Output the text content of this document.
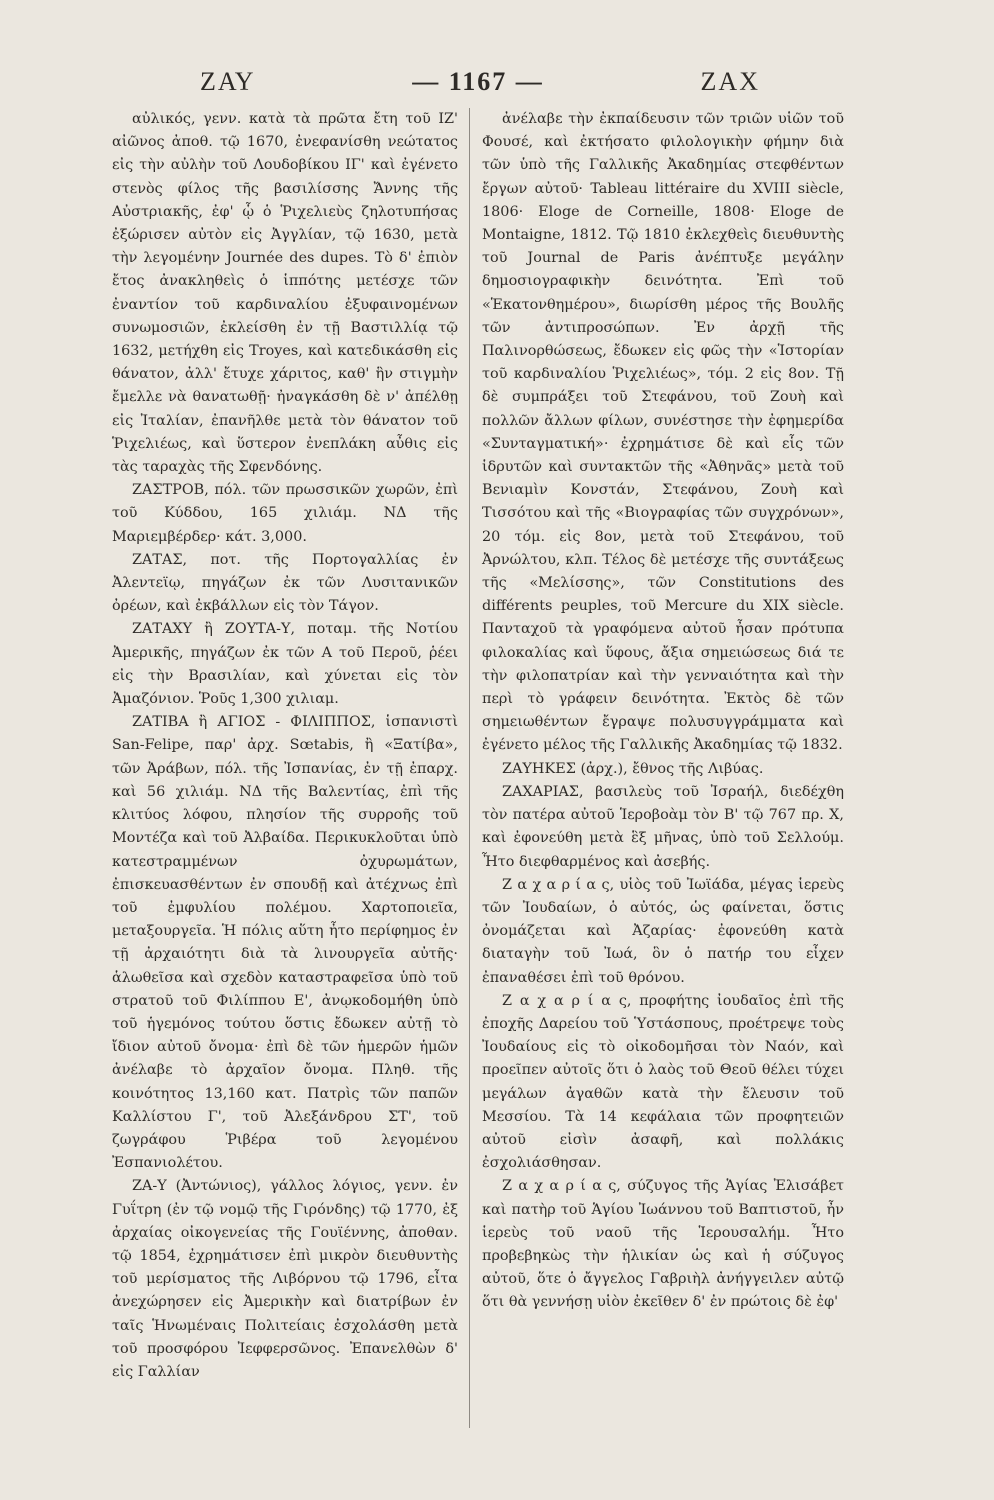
ΖΑΥ	— 1167 —	ΖΑΧ

αὐλικός, γενν. κατὰ τὰ πρῶτα ἔτη τοῦ ΙΖ' αἰῶνος ἀποθ. τῷ 1670, ἐνεφανίσθη νεώτατος εἰς τὴν αὐλὴν τοῦ Λουδοβίκου ΙΓ' καὶ ἐγένετο στενὸς φίλος τῆς βασιλίσσης Ἄννης τῆς Αὐστριακῆς, ἐφ' ᾧ ὁ Ῥιχελιεὺς ζηλοτυπήσας ἐξώρισεν αὐτὸν εἰς Ἀγγλίαν, τῷ 1630, μετὰ τὴν λεγομένην Journée des dupes. Τὸ δ' ἐπιὸν ἔτος ἀνακληθεὶς ὁ ἱππότης μετέσχε τῶν ἐναντίον τοῦ καρδιναλίου ἐξυφαινομένων συνωμοσιῶν, ἐκλείσθη ἐν τῇ Βαστιλλίᾳ τῷ 1632, μετήχθη εἰς Troyes, καὶ κατεδικάσθη εἰς θάνατον, ἀλλ' ἔτυχε χάριτος, καθ' ἣν στιγμὴν ἔμελλε νὰ θανατωθῇ· ἠναγκάσθη δὲ ν' ἀπέλθῃ εἰς Ἰταλίαν, ἐπανῆλθε μετὰ τὸν θάνατον τοῦ Ῥιχελιέως, καὶ ὕστερον ἐνεπλάκη αὖθις εἰς τὰς ταραχὰς τῆς Σφενδόνης.

ΖΑΣΤΡΟΒ, πόλ. τῶν πρωσσικῶν χωρῶν, ἐπὶ τοῦ Κύδδου, 165 χιλιάμ. ΝΔ τῆς Μαριεμβέρδερ· κάτ. 3,000.

ΖΑΤΑΣ, ποτ. τῆς Πορτογαλλίας ἐν Ἀλεντεϊῳ, πηγάζων ἐκ τῶν Λυσιτανικῶν ὀρέων, καὶ ἐκβάλλων εἰς τὸν Τάγον.

ΖΑΤΑΧΥ ἢ ΖΟΥΤΑ-Υ, ποταμ. τῆς Νοτίου Ἀμερικῆς, πηγάζων ἐκ τῶν Α τοῦ Περοῦ, ῥέει εἰς τὴν Βρασιλίαν, καὶ χύνεται εἰς τὸν Ἀμαζόνιον. Ῥοῦς 1,300 χιλιαμ.

ΖΑΤΙΒΑ ἢ ΑΓΙΟΣ - ΦΙΛΙΠΠΟΣ, ἱσπανιστὶ San-Felipe, παρ' ἀρχ. Sœtabis, ἢ «Ξατίβα», τῶν Ἀράβων, πόλ. τῆς Ἰσπανίας, ἐν τῇ ἐπαρχ. καὶ 56 χιλιάμ. ΝΔ τῆς Βαλεντίας, ἐπὶ τῆς κλιτύος λόφου, πλησίον τῆς συρροῆς τοῦ Μοντέζα καὶ τοῦ Ἀλβαίδα. Περικυκλοῦται ὑπὸ κατεστραμμένων ὀχυρωμάτων, ἐπισκευασθέντων ἐν σπουδῇ καὶ ἀτέχνως ἐπὶ τοῦ ἐμφυλίου πολέμου. Χαρτοποιεῖα, μεταξουργεῖα. Ἡ πόλις αὕτη ἦτο περίφημος ἐν τῇ ἀρχαιότητι διὰ τὰ λινουργεῖα αὐτῆς· ἁλωθεῖσα καὶ σχεδὸν καταστραφεῖσα ὑπὸ τοῦ στρατοῦ τοῦ Φιλίππου Ε', ἀνῳκοδομήθη ὑπὸ τοῦ ἡγεμόνος τούτου ὅστις ἔδωκεν αὐτῇ τὸ ἴδιον αὐτοῦ ὄνομα· ἐπὶ δὲ τῶν ἡμερῶν ἡμῶν ἀνέλαβε τὸ ἀρχαῖον ὄνομα. Πληθ. τῆς κοινότητος 13,160 κατ. Πατρὶς τῶν παπῶν Καλλίστου Γ', τοῦ Ἀλεξάνδρου ΣΤ', τοῦ ζωγράφου Ῥιβέρα τοῦ λεγομένου Ἐσπανιολέτου.

ΖΑ-Υ (Ἀντώνιος), γάλλος λόγιος, γενν. ἐν Γυΐτρη (ἐν τῷ νομῷ τῆς Γιρόνδης) τῷ 1770, ἐξ ἀρχαίας οἰκογενείας τῆς Γουϊέννης, ἀποθαν. τῷ 1854, ἐχρημάτισεν ἐπὶ μικρὸν διευθυντὴς τοῦ μερίσματος τῆς Λιβόρνου τῷ 1796, εἶτα ἀνεχώρησεν εἰς Ἀμερικὴν καὶ διατρίβων ἐν ταῖς Ἡνωμέναις Πολιτείαις ἐσχολάσθη μετὰ τοῦ προσφόρου Ἰεφφερσῶνος. Ἐπανελθὼν δ' εἰς Γαλλίαν

ἀνέλαβε τὴν ἐκπαίδευσιν τῶν τριῶν υἱῶν τοῦ Φουσέ, καὶ ἐκτήσατο φιλολογικὴν φήμην διὰ τῶν ὑπὸ τῆς Γαλλικῆς Ἀκαδημίας στεφθέντων ἔργων αὐτοῦ· Tableau littéraire du XVIII siècle, 1806· Eloge de Corneille, 1808· Eloge de Montaigne, 1812. Τῷ 1810 ἐκλεχθεὶς διευθυντὴς τοῦ Journal de Paris ἀνέπτυξε μεγάλην δημοσιογραφικὴν δεινότητα. Ἐπὶ τοῦ «Ἑκατονθημέρου», διωρίσθη μέρος τῆς Βουλῆς τῶν ἀντιπροσώπων. Ἐν ἀρχῇ τῆς Παλινορθώσεως, ἔδωκεν εἰς φῶς τὴν «Ἱστορίαν τοῦ καρδιναλίου Ῥιχελιέως», τόμ. 2 εἰς 8ον. Τῇ δὲ συμπράξει τοῦ Στεφάνου, τοῦ Ζουὴ καὶ πολλῶν ἄλλων φίλων, συνέστησε τὴν ἐφημερίδα «Συνταγματική»· ἐχρημάτισε δὲ καὶ εἷς τῶν ἱδρυτῶν καὶ συντακτῶν τῆς «Ἀθηνᾶς» μετὰ τοῦ Βενιαμὶν Κονστάν, Στεφάνου, Ζουὴ καὶ Τισσότου καὶ τῆς «Βιογραφίας τῶν συγχρόνων», 20 τόμ. εἰς 8ον, μετὰ τοῦ Στεφάνου, τοῦ Ἀρνώλτου, κλπ. Τέλος δὲ μετέσχε τῆς συντάξεως τῆς «Μελίσσης», τῶν Constitutions des différents peuples, τοῦ Mercure du XIX siècle. Πανταχοῦ τὰ γραφόμενα αὐτοῦ ἦσαν πρότυπα φιλοκαλίας καὶ ὕφους, ἄξια σημειώσεως διά τε τὴν φιλοπατρίαν καὶ τὴν γενναιότητα καὶ τὴν περὶ τὸ γράφειν δεινότητα. Ἐκτὸς δὲ τῶν σημειωθέντων ἔγραψε πολυσυγγράμματα καὶ ἐγένετο μέλος τῆς Γαλλικῆς Ἀκαδημίας τῷ 1832.

ΖΑΥΗΚΕΣ (ἀρχ.), ἔθνος τῆς Λιβύας.

ΖΑΧΑΡΙΑΣ, βασιλεὺς τοῦ Ἰσραήλ, διεδέχθη τὸν πατέρα αὐτοῦ Ἱεροβοὰμ τὸν Β' τῷ 767 πρ. Χ, καὶ ἐφονεύθη μετὰ ἓξ μῆνας, ὑπὸ τοῦ Σελλούμ. Ἦτο διεφθαρμένος καὶ ἀσεβής.

Ζ α χ α ρ ί α ς, υἱὸς τοῦ Ἰωϊάδα, μέγας ἱερεὺς τῶν Ἰουδαίων, ὁ αὐτός, ὡς φαίνεται, ὅστις ὀνομάζεται καὶ Ἀζαρίας· ἐφονεύθη κατὰ διαταγὴν τοῦ Ἰωά, ὃν ὁ πατήρ του εἶχεν ἐπαναθέσει ἐπὶ τοῦ θρόνου.

Ζ α χ α ρ ί α ς, προφήτης ἰουδαῖος ἐπὶ τῆς ἐποχῆς Δαρείου τοῦ Ὑστάσπους, προέτρεψε τοὺς Ἰουδαίους εἰς τὸ οἰκοδομῆσαι τὸν Ναόν, καὶ προεῖπεν αὐτοῖς ὅτι ὁ λαὸς τοῦ Θεοῦ θέλει τύχει μεγάλων ἀγαθῶν κατὰ τὴν ἔλευσιν τοῦ Μεσσίου. Τὰ 14 κεφάλαια τῶν προφητειῶν αὐτοῦ εἰσὶν ἀσαφῆ, καὶ πολλάκις ἐσχολιάσθησαν.

Ζ α χ α ρ ί α ς, σύζυγος τῆς Ἁγίας Ἐλισάβετ καὶ πατὴρ τοῦ Ἁγίου Ἰωάννου τοῦ Βαπτιστοῦ, ἦν ἱερεὺς τοῦ ναοῦ τῆς Ἱερουσαλήμ. Ἦτο προβεβηκὼς τὴν ἡλικίαν ὡς καὶ ἡ σύζυγος αὐτοῦ, ὅτε ὁ ἄγγελος Γαβριὴλ ἀνήγγειλεν αὐτῷ ὅτι θὰ γεννήσῃ υἱὸν ἐκεῖθεν δ' ἐν πρώτοις δὲ ἐφ'
